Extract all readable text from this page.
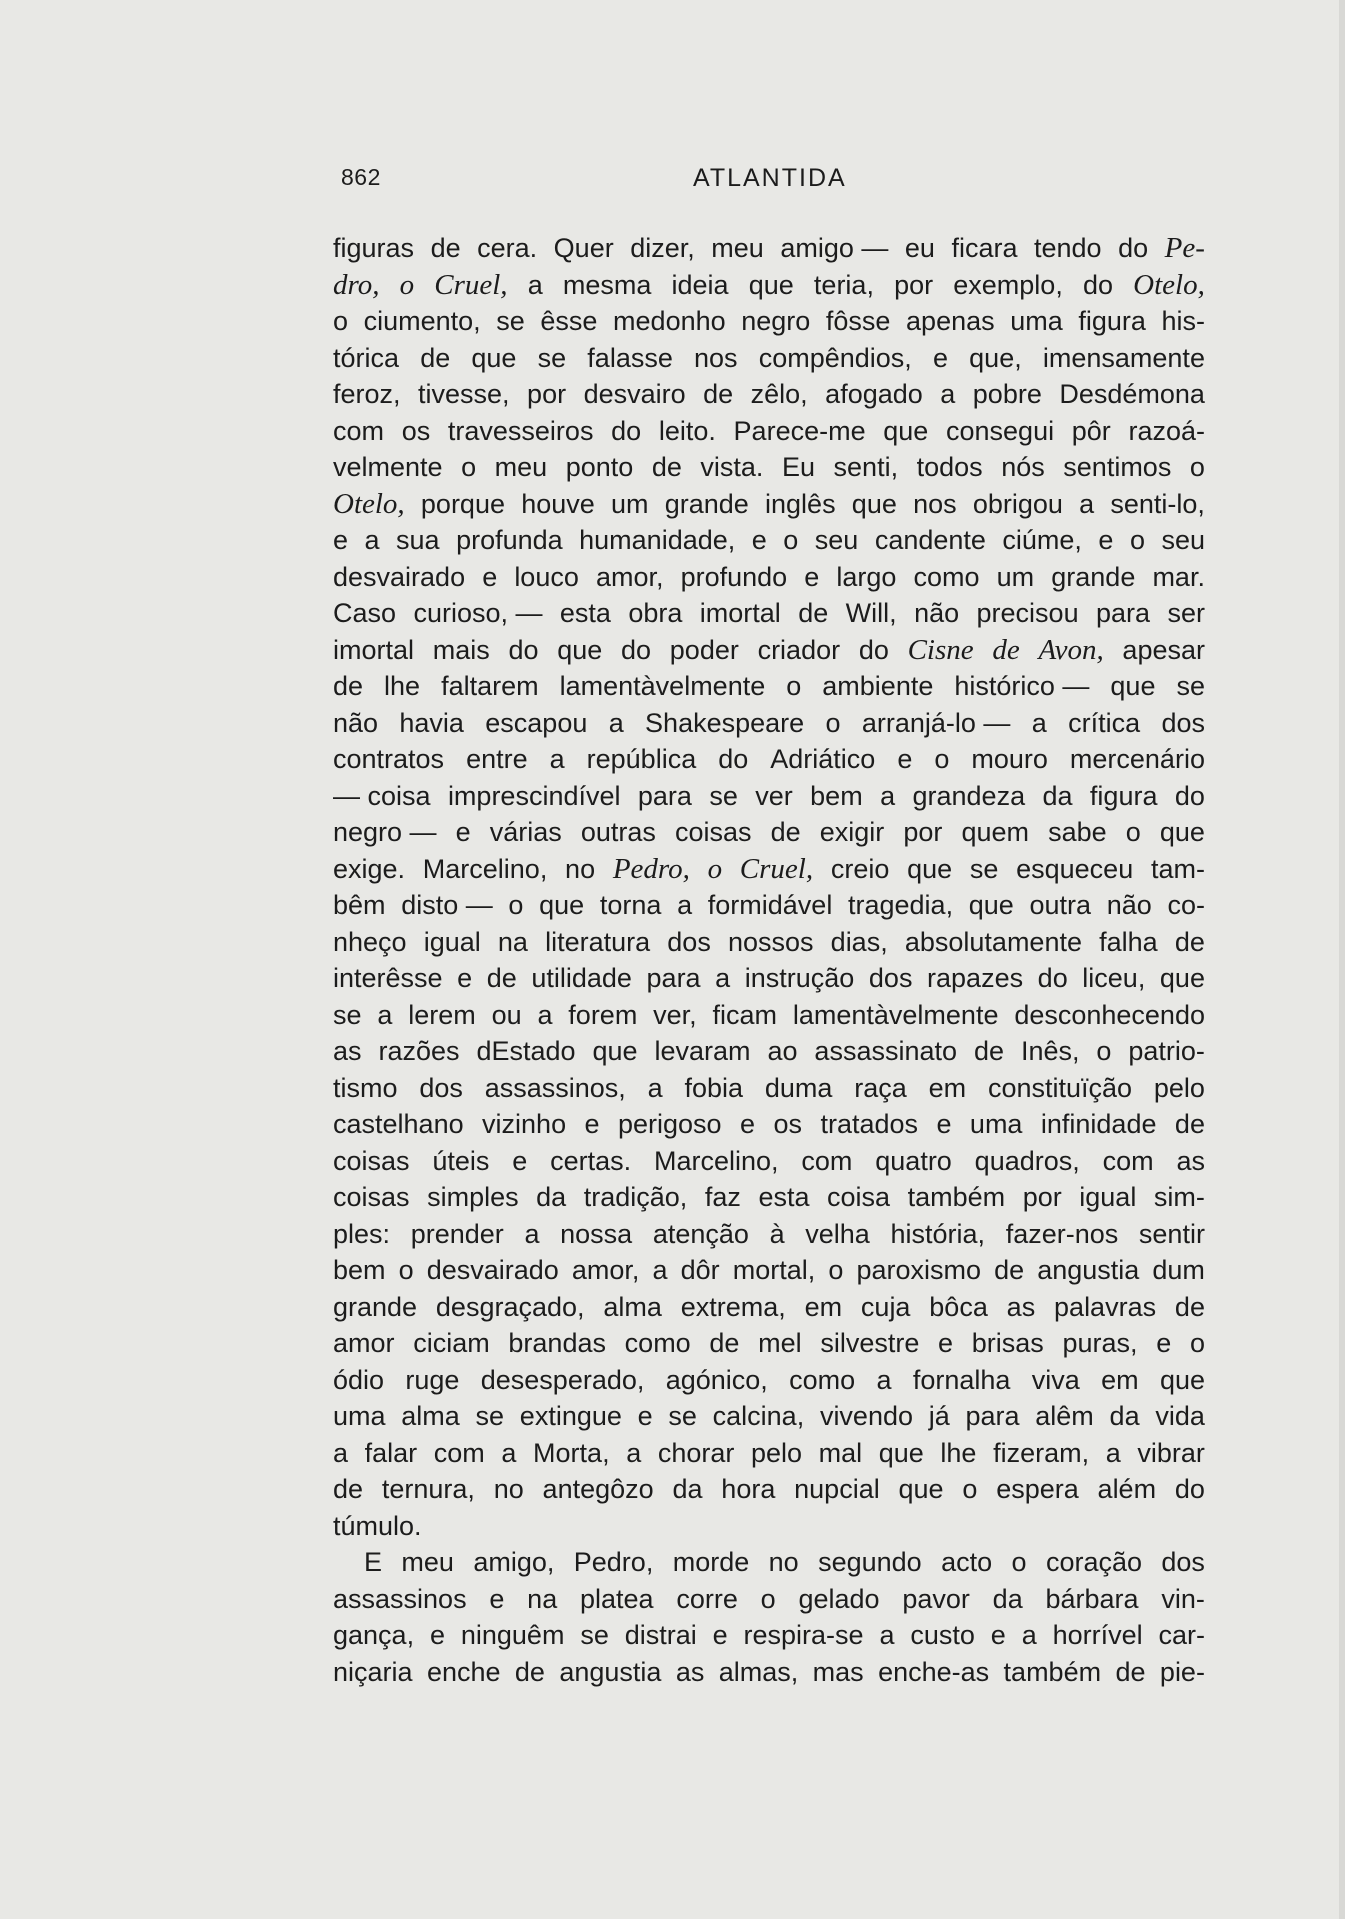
862	ATLANTIDA
figuras de cera. Quer dizer, meu amigo — eu ficara tendo do Pe-
dro, o Cruel, a mesma ideia que teria, por exemplo, do Otelo,
o ciumento, se êsse medonho negro fôsse apenas uma figura his-
tórica de que se falasse nos compêndios, e que, imensamente
feroz, tivesse, por desvairo de zêlo, afogado a pobre Desdémona
com os travesseiros do leito. Parece-me que consegui pôr razoá-
velmente o meu ponto de vista. Eu senti, todos nós sentimos o
Otelo, porque houve um grande inglês que nos obrigou a senti-lo,
e a sua profunda humanidade, e o seu candente ciúme, e o seu
desvairado e louco amor, profundo e largo como um grande mar.
Caso curioso, — esta obra imortal de Will, não precisou para ser
imortal mais do que do poder criador do Cisne de Avon, apesar
de lhe faltarem lamentàvelmente o ambiente histórico — que se
não havia escapou a Shakespeare o arranjá-lo — a crítica dos
contratos entre a república do Adriático e o mouro mercenário
— coisa imprescindível para se ver bem a grandeza da figura do
negro — e várias outras coisas de exigir por quem sabe o que
exige. Marcelino, no Pedro, o Cruel, creio que se esqueceu tam-
bêm disto — o que torna a formidável tragedia, que outra não co-
nheço igual na literatura dos nossos dias, absolutamente falha de
interêsse e de utilidade para a instrução dos rapazes do liceu, que
se a lerem ou a forem ver, ficam lamentàvelmente desconhecendo
as razões dEstado que levaram ao assassinato de Inês, o patrio-
tismo dos assassinos, a fobia duma raça em constituïção pelo
castelhano vizinho e perigoso e os tratados e uma infinidade de
coisas úteis e certas. Marcelino, com quatro quadros, com as
coisas simples da tradição, faz esta coisa também por igual sim-
ples: prender a nossa atenção à velha história, fazer-nos sentir
bem o desvairado amor, a dôr mortal, o paroxismo de angustia dum
grande desgraçado, alma extrema, em cuja bôca as palavras de
amor ciciam brandas como de mel silvestre e brisas puras, e o
ódio ruge desesperado, agónico, como a fornalha viva em que
uma alma se extingue e se calcina, vivendo já para alêm da vida
a falar com a Morta, a chorar pelo mal que lhe fizeram, a vibrar
de ternura, no antegôzo da hora nupcial que o espera além do
túmulo.
E meu amigo, Pedro, morde no segundo acto o coração dos
assassinos e na platea corre o gelado pavor da bárbara vin-
gança, e ninguêm se distrai e respira-se a custo e a horrível car-
niçaria enche de angustia as almas, mas enche-as também de pie-
